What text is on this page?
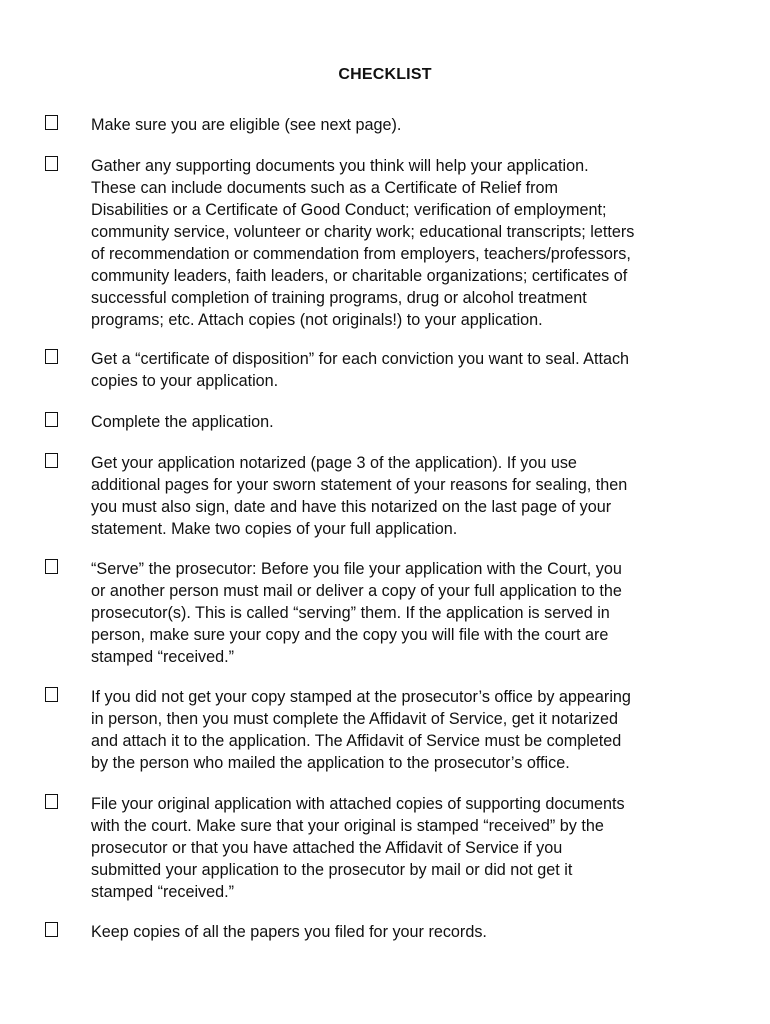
CHECKLIST

Make sure you are eligible (see next page).

Gather any supporting documents you think will help your application.
These can include documents such as a Certificate of Relief from
Disabilities or a Certificate of Good Conduct; verification of employment;
community service, volunteer or charity work; educational transcripts; letters
of recommendation or commendation from employers, teachers/professors,
community leaders, faith leaders, or charitable organizations; certificates of
successful completion of training programs, drug or alcohol treatment
programs; etc. Attach copies (not originals!) to your application.

Get a “certificate of disposition” for each conviction you want to seal. Attach
copies to your application.

Complete the application.

Get your application notarized (page 3 of the application). If you use
additional pages for your sworn statement of your reasons for sealing, then
you must also sign, date and have this notarized on the last page of your
statement. Make two copies of your full application.

“Serve” the prosecutor: Before you file your application with the Court, you
or another person must mail or deliver a copy of your full application to the
prosecutor(s). This is called “serving” them. If the application is served in
person, make sure your copy and the copy you will file with the court are
stamped “received.”

If you did not get your copy stamped at the prosecutor’s office by appearing
in person, then you must complete the Affidavit of Service, get it notarized
and attach it to the application. The Affidavit of Service must be completed
by the person who mailed the application to the prosecutor’s office.

File your original application with attached copies of supporting documents
with the court. Make sure that your original is stamped “received” by the
prosecutor or that you have attached the Affidavit of Service if you
submitted your application to the prosecutor by mail or did not get it
stamped “received.”

Keep copies of all the papers you filed for your records.
